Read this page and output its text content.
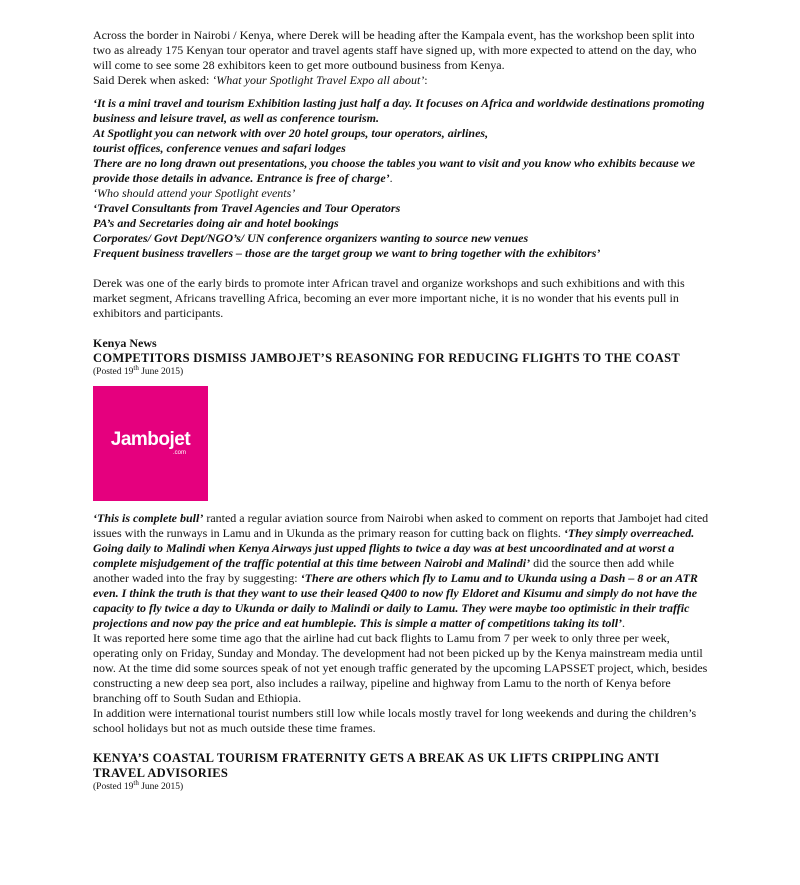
Across the border in Nairobi / Kenya, where Derek will be heading after the Kampala event, has the workshop been split into two as already 175 Kenyan tour operator and travel agents staff have signed up, with more expected to attend on the day, who will come to see some 28 exhibitors keen to get more outbound business from Kenya.
Said Derek when asked: ‘What your Spotlight Travel Expo all about’:

‘It is a mini travel and tourism Exhibition lasting just half a day. It focuses on Africa and worldwide destinations promoting business and leisure travel, as well as conference tourism.

At Spotlight you can network with over 20 hotel groups, tour operators, airlines,

tourist offices, conference venues and safari lodges

There are no long drawn out presentations, you choose the tables you want to visit and you know who exhibits because we provide those details in advance. Entrance is free of charge’.

‘Who should attend your Spotlight events’

‘Travel Consultants from Travel Agencies and Tour Operators

PA’s and Secretaries doing air and hotel bookings

Corporates/ Govt Dept/NGO’s/ UN conference organizers wanting to source new venues

Frequent business travellers – those are the target group we want to bring together with the exhibitors’

Derek was one of the early birds to promote inter African travel and organize workshops and such exhibitions and with this market segment, Africans travelling Africa, becoming an ever more important niche, it is no wonder that his events pull in exhibitors and participants.

Kenya News

COMPETITORS DISMISS JAMBOJET’S REASONING FOR REDUCING FLIGHTS TO THE COAST

(Posted 19th June 2015)

Jambojet
.com

‘This is complete bull’ ranted a regular aviation source from Nairobi when asked to comment on reports that Jambojet had cited issues with the runways in Lamu and in Ukunda as the primary reason for cutting back on flights. ‘They simply overreached. Going daily to Malindi when Kenya Airways just upped flights to twice a day was at best uncoordinated and at worst a complete misjudgement of the traffic potential at this time between Nairobi and Malindi’ did the source then add while another waded into the fray by suggesting: ‘There are others which fly to Lamu and to Ukunda using a Dash – 8 or an ATR even. I think the truth is that they want to use their leased Q400 to now fly Eldoret and Kisumu and simply do not have the capacity to fly twice a day to Ukunda or daily to Malindi or daily to Lamu. They were maybe too optimistic in their traffic projections and now pay the price and eat humblepie. This is simple a matter of competitions taking its toll’.

It was reported here some time ago that the airline had cut back flights to Lamu from 7 per week to only three per week, operating only on Friday, Sunday and Monday. The development had not been picked up by the Kenya mainstream media until now. At the time did some sources speak of not yet enough traffic generated by the upcoming LAPSSET project, which, besides constructing a new deep sea port, also includes a railway, pipeline and highway from Lamu to the north of Kenya before branching off to South Sudan and Ethiopia.

In addition were international tourist numbers still low while locals mostly travel for long weekends and during the children’s school holidays but not as much outside these time frames.

KENYA’S COASTAL TOURISM FRATERNITY GETS A BREAK AS UK LIFTS CRIPPLING ANTI TRAVEL ADVISORIES

(Posted 19th June 2015)
